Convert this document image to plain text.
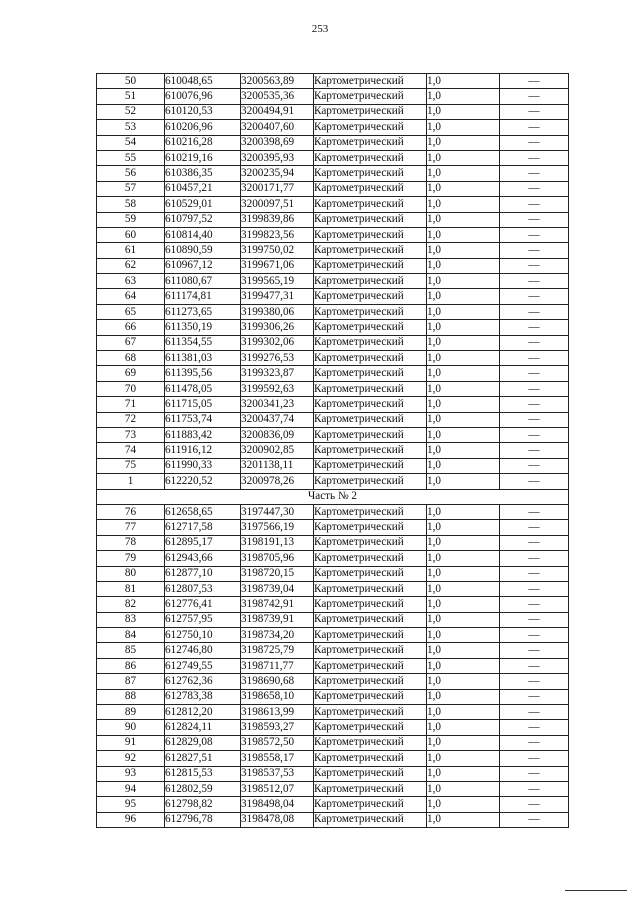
253
50	610048,65	3200563,89	Картометрический	1,0	—
51	610076,96	3200535,36	Картометрический	1,0	—
52	610120,53	3200494,91	Картометрический	1,0	—
53	610206,96	3200407,60	Картометрический	1,0	—
54	610216,28	3200398,69	Картометрический	1,0	—
55	610219,16	3200395,93	Картометрический	1,0	—
56	610386,35	3200235,94	Картометрический	1,0	—
57	610457,21	3200171,77	Картометрический	1,0	—
58	610529,01	3200097,51	Картометрический	1,0	—
59	610797,52	3199839,86	Картометрический	1,0	—
60	610814,40	3199823,56	Картометрический	1,0	—
61	610890,59	3199750,02	Картометрический	1,0	—
62	610967,12	3199671,06	Картометрический	1,0	—
63	611080,67	3199565,19	Картометрический	1,0	—
64	611174,81	3199477,31	Картометрический	1,0	—
65	611273,65	3199380,06	Картометрический	1,0	—
66	611350,19	3199306,26	Картометрический	1,0	—
67	611354,55	3199302,06	Картометрический	1,0	—
68	611381,03	3199276,53	Картометрический	1,0	—
69	611395,56	3199323,87	Картометрический	1,0	—
70	611478,05	3199592,63	Картометрический	1,0	—
71	611715,05	3200341,23	Картометрический	1,0	—
72	611753,74	3200437,74	Картометрический	1,0	—
73	611883,42	3200836,09	Картометрический	1,0	—
74	611916,12	3200902,85	Картометрический	1,0	—
75	611990,33	3201138,11	Картометрический	1,0	—
1	612220,52	3200978,26	Картометрический	1,0	—
Часть № 2					
76	612658,65	3197447,30	Картометрический	1,0	—
77	612717,58	3197566,19	Картометрический	1,0	—
78	612895,17	3198191,13	Картометрический	1,0	—
79	612943,66	3198705,96	Картометрический	1,0	—
80	612877,10	3198720,15	Картометрический	1,0	—
81	612807,53	3198739,04	Картометрический	1,0	—
82	612776,41	3198742,91	Картометрический	1,0	—
83	612757,95	3198739,91	Картометрический	1,0	—
84	612750,10	3198734,20	Картометрический	1,0	—
85	612746,80	3198725,79	Картометрический	1,0	—
86	612749,55	3198711,77	Картометрический	1,0	—
87	612762,36	3198690,68	Картометрический	1,0	—
88	612783,38	3198658,10	Картометрический	1,0	—
89	612812,20	3198613,99	Картометрический	1,0	—
90	612824,11	3198593,27	Картометрический	1,0	—
91	612829,08	3198572,50	Картометрический	1,0	—
92	612827,51	3198558,17	Картометрический	1,0	—
93	612815,53	3198537,53	Картометрический	1,0	—
94	612802,59	3198512,07	Картометрический	1,0	—
95	612798,82	3198498,04	Картометрический	1,0	—
96	612796,78	3198478,08	Картометрический	1,0	—
